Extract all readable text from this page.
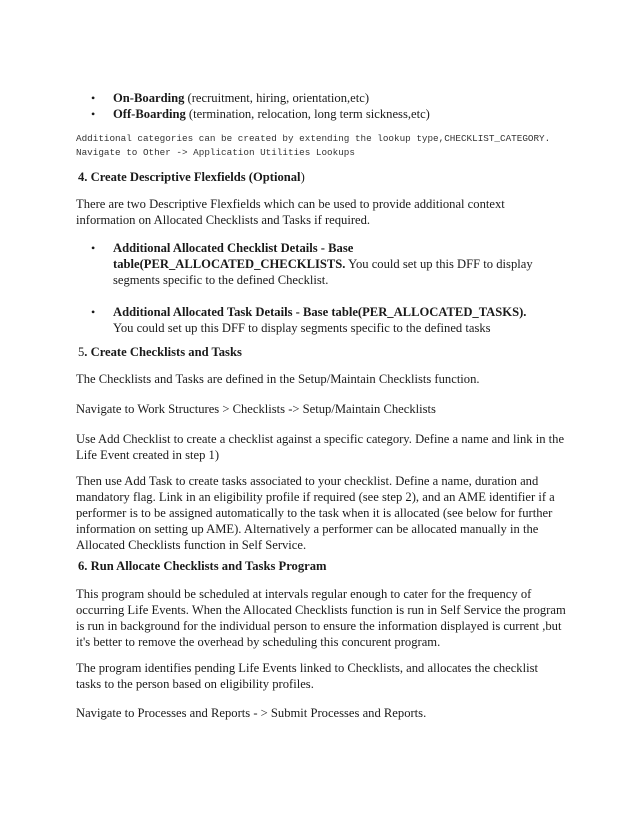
• On-Boarding (recruitment, hiring, orientation,etc)
• Off-Boarding (termination, relocation, long term sickness,etc)
Additional categories can be created by extending the lookup type,CHECKLIST_CATEGORY.
Navigate to Other -> Application Utilities Lookups

4. Create Descriptive Flexfields (Optional)

There are two Descriptive Flexfields which can be used to provide additional context information on Allocated Checklists and Tasks if required.

• Additional Allocated Checklist Details - Base table(PER_ALLOCATED_CHECKLISTS. You could set up this DFF to display segments specific to the defined Checklist.
• Additional Allocated Task Details - Base table(PER_ALLOCATED_TASKS). You could set up this DFF to display segments specific to the defined tasks

5. Create Checklists and Tasks

The Checklists and Tasks are defined in the Setup/Maintain Checklists function.

Navigate to Work Structures > Checklists -> Setup/Maintain Checklists

Use Add Checklist to create a checklist against a specific category. Define a name and link in the Life Event created in step 1)

Then use Add Task to create tasks associated to your checklist. Define a name, duration and mandatory flag. Link in an eligibility profile if required (see step 2), and an AME identifier if a performer is to be assigned automatically to the task when it is allocated (see below for further information on setting up AME). Alternatively a performer can be allocated manually in the Allocated Checklists function in Self Service.

6. Run Allocate Checklists and Tasks Program

This program should be scheduled at intervals regular enough to cater for the frequency of occurring Life Events. When the Allocated Checklists function is run in Self Service the program is run in background for the individual person to ensure the information displayed is current ,but it's better to remove the overhead by scheduling this concurent program.

The program identifies pending Life Events linked to Checklists, and allocates the checklist tasks to the person based on eligibility profiles.

Navigate to Processes and Reports - > Submit Processes and Reports.
